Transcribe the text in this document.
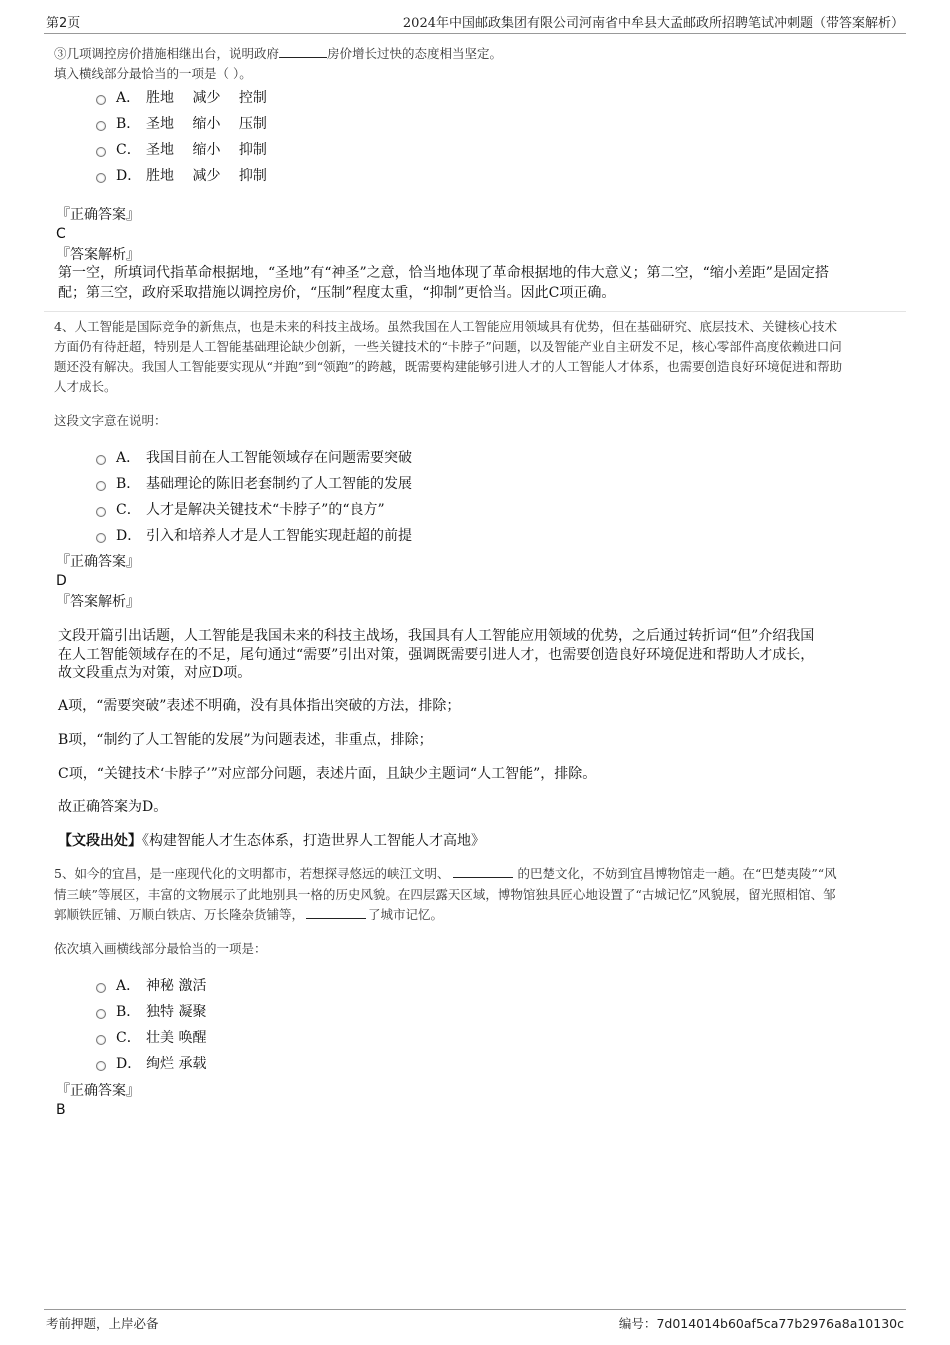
第2页	2024年中国邮政集团有限公司河南省中牟县大孟邮政所招聘笔试冲刺题（带答案解析）
③几项调控房价措施相继出台，说明政府	房价增长过快的态度相当坚定。
填入横线部分最恰当的一项是（ ）。
A． 胜地　 减少　 控制
B． 圣地　 缩小　 压制
C． 圣地　 缩小　 抑制
D． 胜地　 减少　 抑制
『正确答案』
C
『答案解析』
第一空，所填词代指革命根据地，“圣地”有“神圣”之意，恰当地体现了革命根据地的伟大意义；第二空，“缩小差距”是固定搭
配；第三空，政府采取措施以调控房价，“压制”程度太重，“抑制”更恰当。因此C项正确。
4、人工智能是国际竞争的新焦点，也是未来的科技主战场。虽然我国在人工智能应用领域具有优势，但在基础研究、底层技术、关键核心技术
方面仍有待赶超，特别是人工智能基础理论缺少创新，一些关键技术的“卡脖子”问题，以及智能产业自主研发不足，核心零部件高度依赖进口问
题还没有解决。我国人工智能要实现从“并跑”到“领跑”的跨越，既需要构建能够引进人才的人工智能人才体系，也需要创造良好环境促进和帮助
人才成长。
这段文字意在说明：
A． 我国目前在人工智能领域存在问题需要突破
B． 基础理论的陈旧老套制约了人工智能的发展
C． 人才是解决关键技术“卡脖子”的“良方”
D． 引入和培养人才是人工智能实现赶超的前提
『正确答案』
D
『答案解析』
文段开篇引出话题，人工智能是我国未来的科技主战场，我国具有人工智能应用领域的优势，之后通过转折词“但”介绍我国
在人工智能领域存在的不足，尾句通过“需要”引出对策，强调既需要引进人才，也需要创造良好环境促进和帮助人才成长，
故文段重点为对策，对应D项。
A项，“需要突破”表述不明确，没有具体指出突破的方法，排除；
B项，“制约了人工智能的发展”为问题表述，非重点，排除；
C项，“关键技术‘卡脖子’”对应部分问题，表述片面，且缺少主题词“人工智能”，排除。
故正确答案为D。
【文段出处】《构建智能人才生态体系，打造世界人工智能人才高地》
5、如今的宜昌，是一座现代化的文明都市，若想探寻悠远的峡江文明、	的巴楚文化，不妨到宜昌博物馆走一趟。在“巴楚夷陵”“风
情三峡”等展区，丰富的文物展示了此地别具一格的历史风貌。在四层露天区域，博物馆独具匠心地设置了“古城记忆”风貌展，留光照相馆、邹
郭顺铁匠铺、万顺白铁店、万长隆杂货铺等，	了城市记忆。
依次填入画横线部分最恰当的一项是：
A． 神秘 激活
B． 独特 凝聚
C． 壮美 唤醒
D． 绚烂 承载
『正确答案』
B
考前押题，上岸必备	编号：7d014014b60af5ca77b2976a8a10130c
